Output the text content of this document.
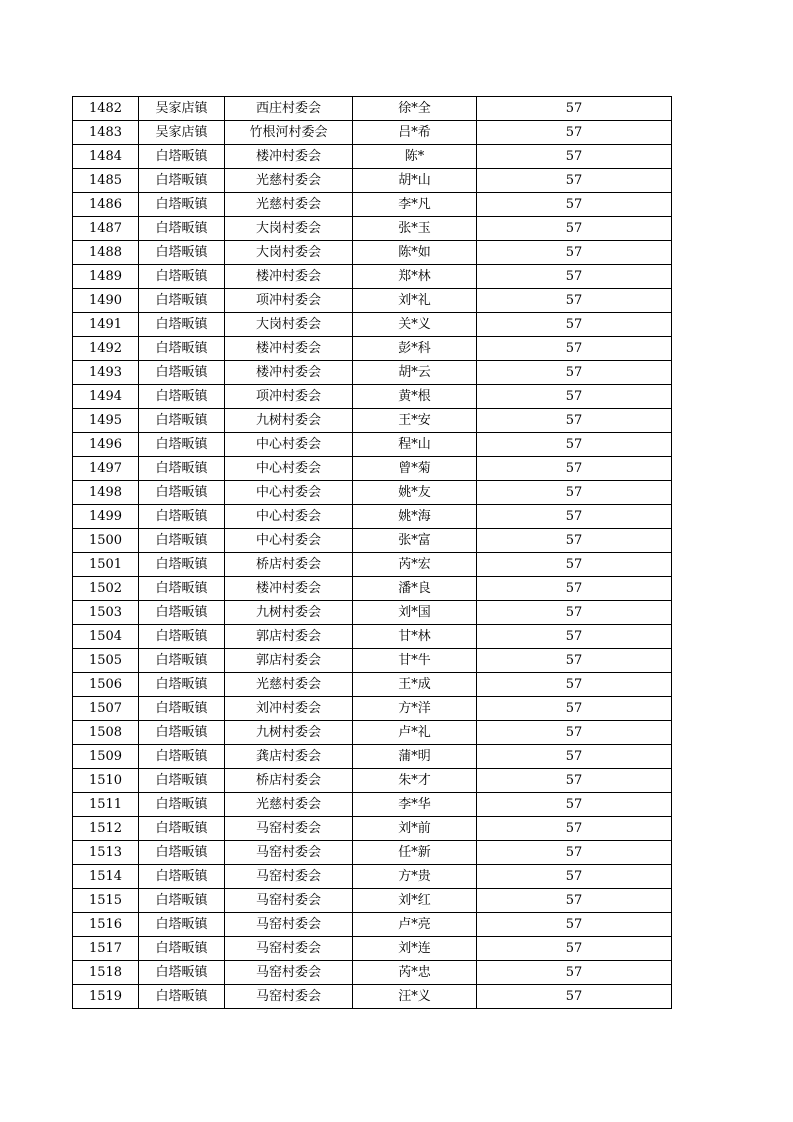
1482	吴家店镇	西庄村委会	徐*全	57
1483	吴家店镇	竹根河村委会	吕*希	57
1484	白塔畈镇	楼冲村委会	陈*	57
1485	白塔畈镇	光慈村委会	胡*山	57
1486	白塔畈镇	光慈村委会	李*凡	57
1487	白塔畈镇	大岗村委会	张*玉	57
1488	白塔畈镇	大岗村委会	陈*如	57
1489	白塔畈镇	楼冲村委会	郑*林	57
1490	白塔畈镇	项冲村委会	刘*礼	57
1491	白塔畈镇	大岗村委会	关*义	57
1492	白塔畈镇	楼冲村委会	彭*科	57
1493	白塔畈镇	楼冲村委会	胡*云	57
1494	白塔畈镇	项冲村委会	黄*根	57
1495	白塔畈镇	九树村委会	王*安	57
1496	白塔畈镇	中心村委会	程*山	57
1497	白塔畈镇	中心村委会	曾*菊	57
1498	白塔畈镇	中心村委会	姚*友	57
1499	白塔畈镇	中心村委会	姚*海	57
1500	白塔畈镇	中心村委会	张*富	57
1501	白塔畈镇	桥店村委会	芮*宏	57
1502	白塔畈镇	楼冲村委会	潘*良	57
1503	白塔畈镇	九树村委会	刘*国	57
1504	白塔畈镇	郭店村委会	甘*林	57
1505	白塔畈镇	郭店村委会	甘*牛	57
1506	白塔畈镇	光慈村委会	王*成	57
1507	白塔畈镇	刘冲村委会	方*洋	57
1508	白塔畈镇	九树村委会	卢*礼	57
1509	白塔畈镇	龚店村委会	蒲*明	57
1510	白塔畈镇	桥店村委会	朱*才	57
1511	白塔畈镇	光慈村委会	李*华	57
1512	白塔畈镇	马窑村委会	刘*前	57
1513	白塔畈镇	马窑村委会	任*新	57
1514	白塔畈镇	马窑村委会	方*贵	57
1515	白塔畈镇	马窑村委会	刘*红	57
1516	白塔畈镇	马窑村委会	卢*亮	57
1517	白塔畈镇	马窑村委会	刘*连	57
1518	白塔畈镇	马窑村委会	芮*忠	57
1519	白塔畈镇	马窑村委会	汪*义	57
